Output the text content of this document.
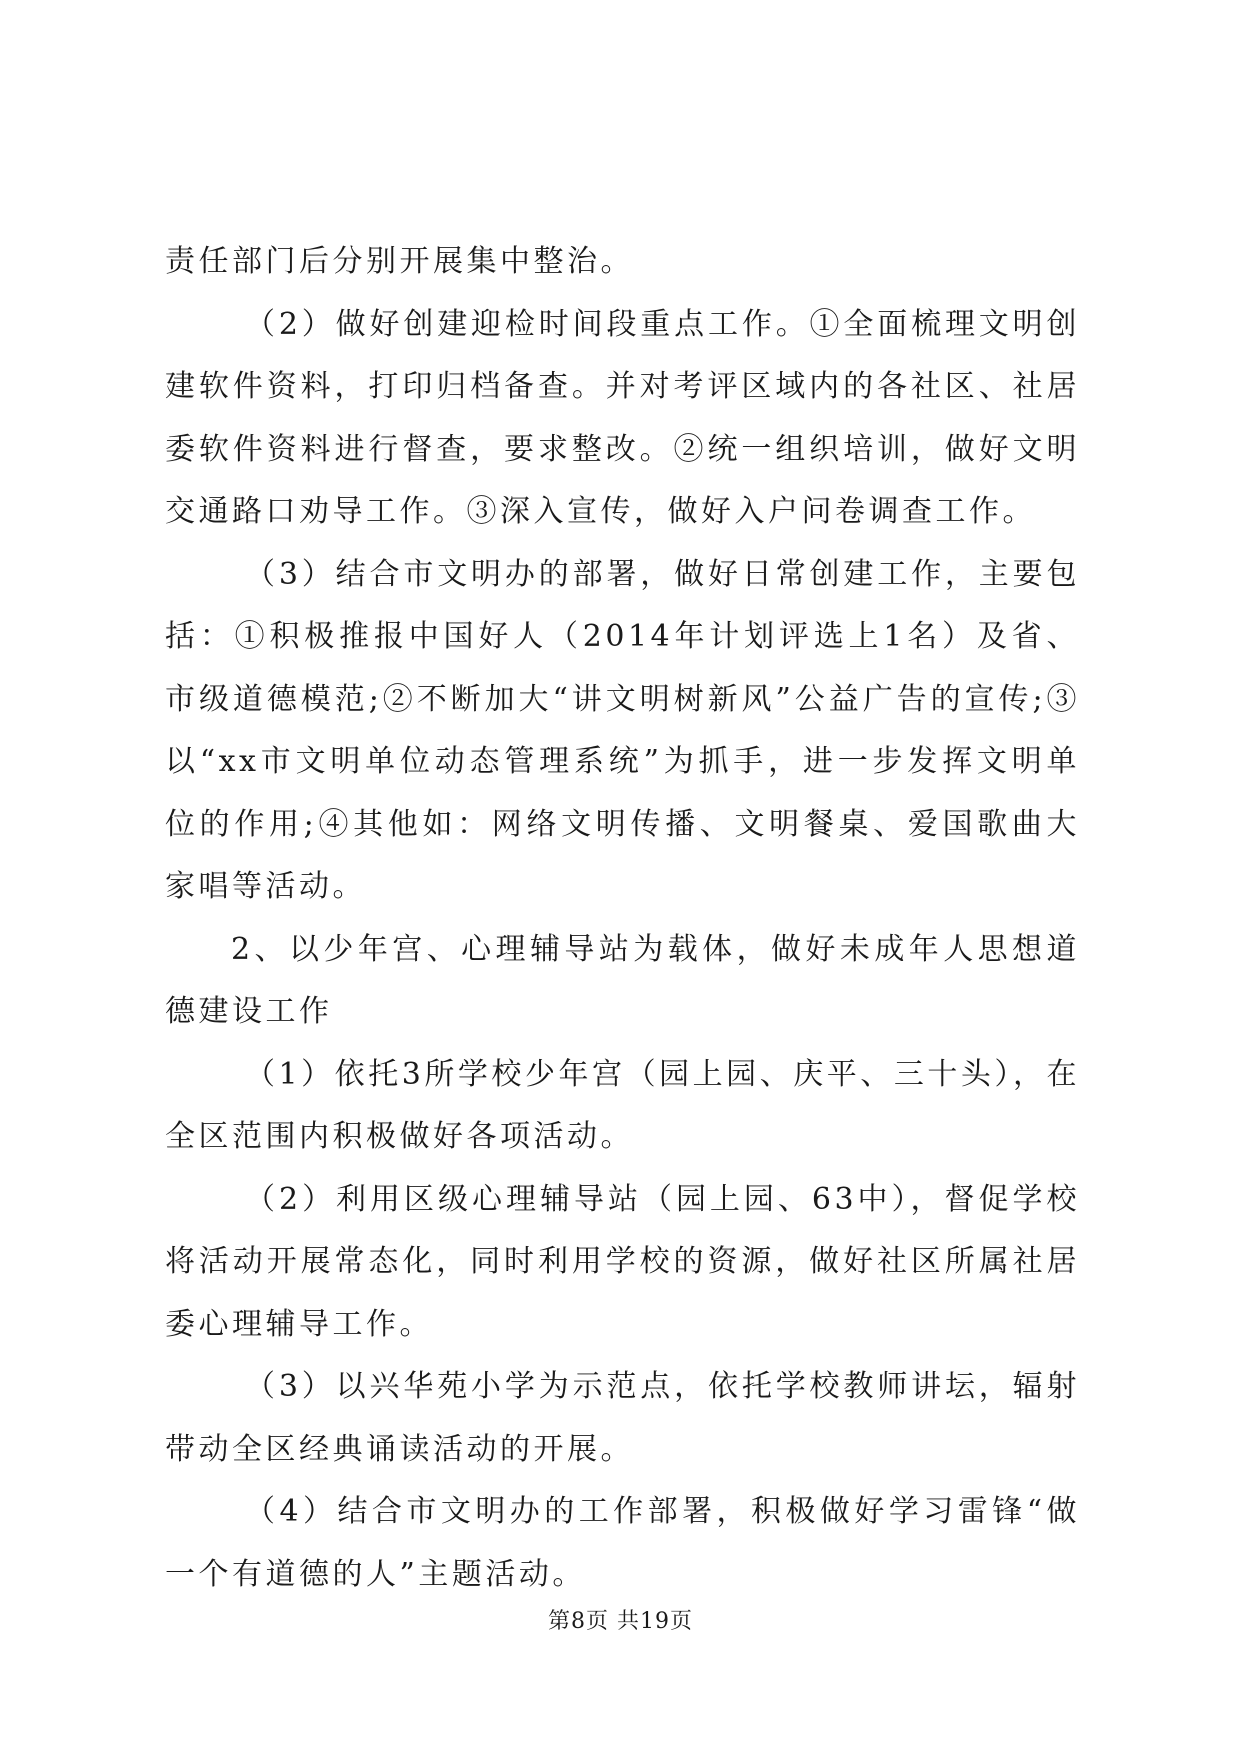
责任部门后分别开展集中整治。

（2）做好创建迎检时间段重点工作。①全面梳理文明创建软件资料，打印归档备查。并对考评区域内的各社区、社居委软件资料进行督查，要求整改。②统一组织培训，做好文明交通路口劝导工作。③深入宣传，做好入户问卷调查工作。

（3）结合市文明办的部署，做好日常创建工作，主要包括：①积极推报中国好人（2014年计划评选上1名）及省、市级道德模范;②不断加大“讲文明树新风”公益广告的宣传;③以“xx市文明单位动态管理系统”为抓手，进一步发挥文明单位的作用;④其他如：网络文明传播、文明餐桌、爱国歌曲大家唱等活动。

2、以少年宫、心理辅导站为载体，做好未成年人思想道德建设工作

（1）依托3所学校少年宫（园上园、庆平、三十头），在全区范围内积极做好各项活动。

（2）利用区级心理辅导站（园上园、63中），督促学校将活动开展常态化，同时利用学校的资源，做好社区所属社居委心理辅导工作。

（3）以兴华苑小学为示范点，依托学校教师讲坛，辐射带动全区经典诵读活动的开展。

（4）结合市文明办的工作部署，积极做好学习雷锋“做一个有道德的人”主题活动。

第8页 共19页
